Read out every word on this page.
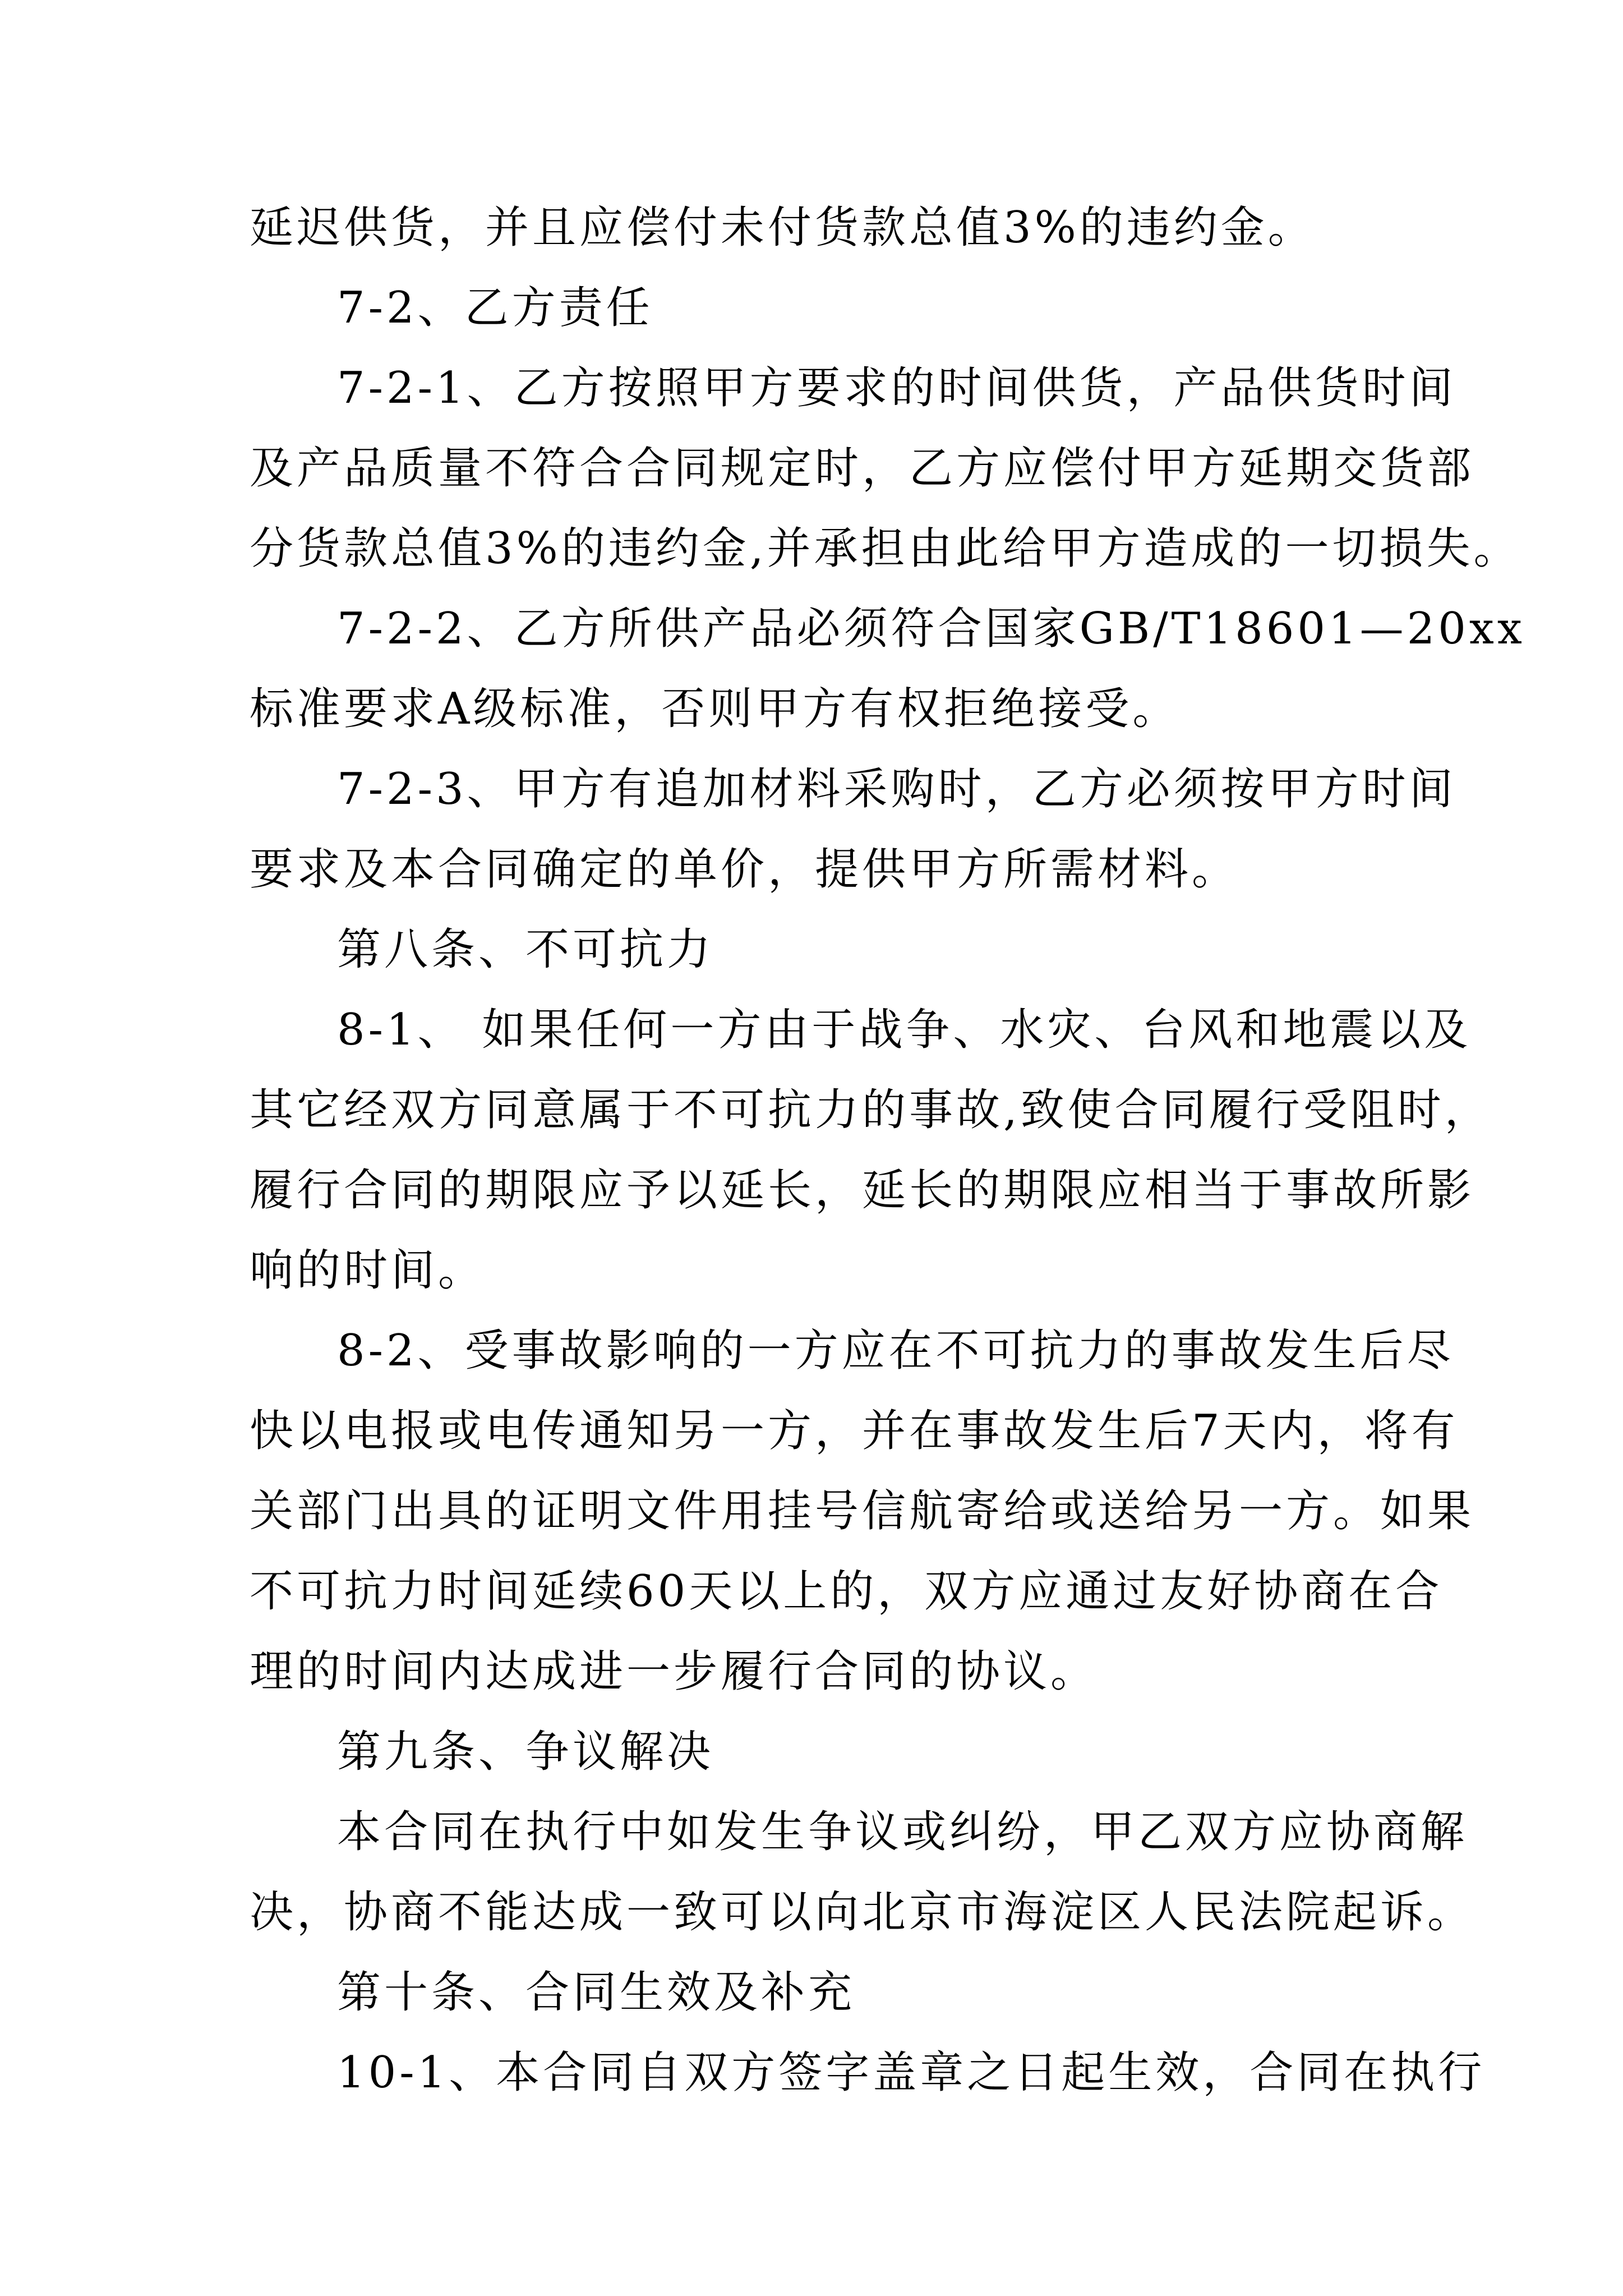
延迟供货，并且应偿付未付货款总值3%的违约金。
7-2、乙方责任
7-2-1、乙方按照甲方要求的时间供货，产品供货时间
及产品质量不符合合同规定时，乙方应偿付甲方延期交货部
分货款总值3%的违约金,并承担由此给甲方造成的一切损失。
7-2-2、乙方所供产品必须符合国家GB/T18601—20xx
标准要求A级标准，否则甲方有权拒绝接受。
7-2-3、甲方有追加材料采购时，乙方必须按甲方时间
要求及本合同确定的单价，提供甲方所需材料。
第八条、不可抗力
8-1、 如果任何一方由于战争、水灾、台风和地震以及
其它经双方同意属于不可抗力的事故,致使合同履行受阻时，
履行合同的期限应予以延长，延长的期限应相当于事故所影
响的时间。
8-2、受事故影响的一方应在不可抗力的事故发生后尽
快以电报或电传通知另一方，并在事故发生后7天内，将有
关部门出具的证明文件用挂号信航寄给或送给另一方。如果
不可抗力时间延续60天以上的，双方应通过友好协商在合
理的时间内达成进一步履行合同的协议。
第九条、争议解决
本合同在执行中如发生争议或纠纷，甲乙双方应协商解
决，协商不能达成一致可以向北京市海淀区人民法院起诉。
第十条、合同生效及补充
10-1、本合同自双方签字盖章之日起生效，合同在执行
